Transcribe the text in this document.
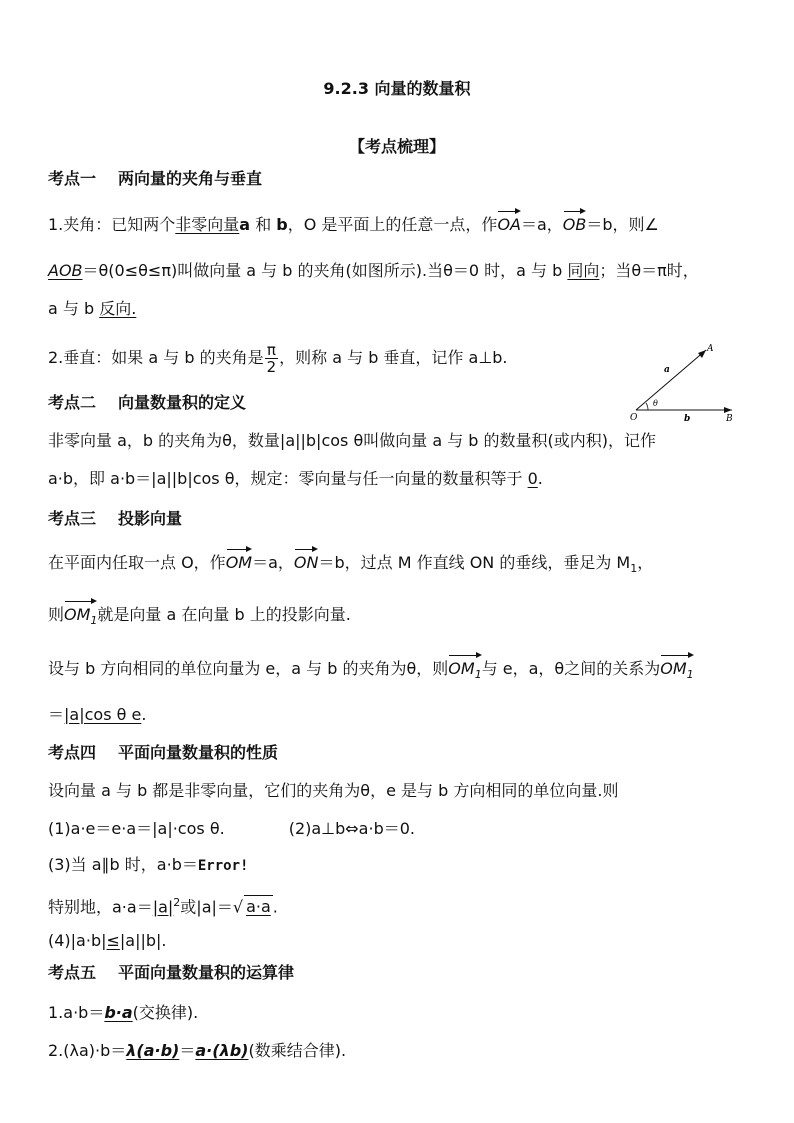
9.2.3 向量的数量积
【考点梳理】
考点一 两向量的夹角与垂直
1.夹角：已知两个非零向量a 和 b，O 是平面上的任意一点，作OA＝a，OB＝b，则∠
AOB＝θ(0≤θ≤π)叫做向量 a 与 b 的夹角(如图所示).当θ＝0 时，a 与 b 同向；当θ＝π时，
a 与 b 反向.
2.垂直：如果 a 与 b 的夹角是 $\frac{\pi}{2}$ ，则称 a 与 b 垂直，记作 a⊥b.	A
a
θ
O	b	B
考点二 向量数量积的定义
非零向量 a，b 的夹角为θ，数量|a||b|cos θ叫做向量 a 与 b 的数量积(或内积)，记作
a·b，即 a·b＝|a||b|cos θ，规定：零向量与任一向量的数量积等于 0.
考点三 投影向量
在平面内任取一点 O，作OM＝a，ON＝b，过点 M 作直线 ON 的垂线，垂足为 $M_1$，
则$OM_1$就是向量 a 在向量 b 上的投影向量.
设与 b 方向相同的单位向量为 e，a 与 b 的夹角为θ，则$OM_1$与 e，a，θ之间的关系为$OM_1$
＝|a|cos θ e.
考点四 平面向量数量积的性质
设向量 a 与 b 都是非零向量，它们的夹角为θ，e 是与 b 方向相同的单位向量.则
(1)a·e＝e·a＝|a|·cos θ.	(2)a⊥b⇔a·b＝0.
(3)当 a∥b 时，a·b＝Error!
特别地，$a\cdot a=|a|^2$或|a|＝√ a·a .
(4)|a·b|≤|a||b|.
考点五 平面向量数量积的运算律
1.a·b＝b·a(交换律).
2.(λa)·b＝λ(a·b)＝a·(λb)(数乘结合律).
